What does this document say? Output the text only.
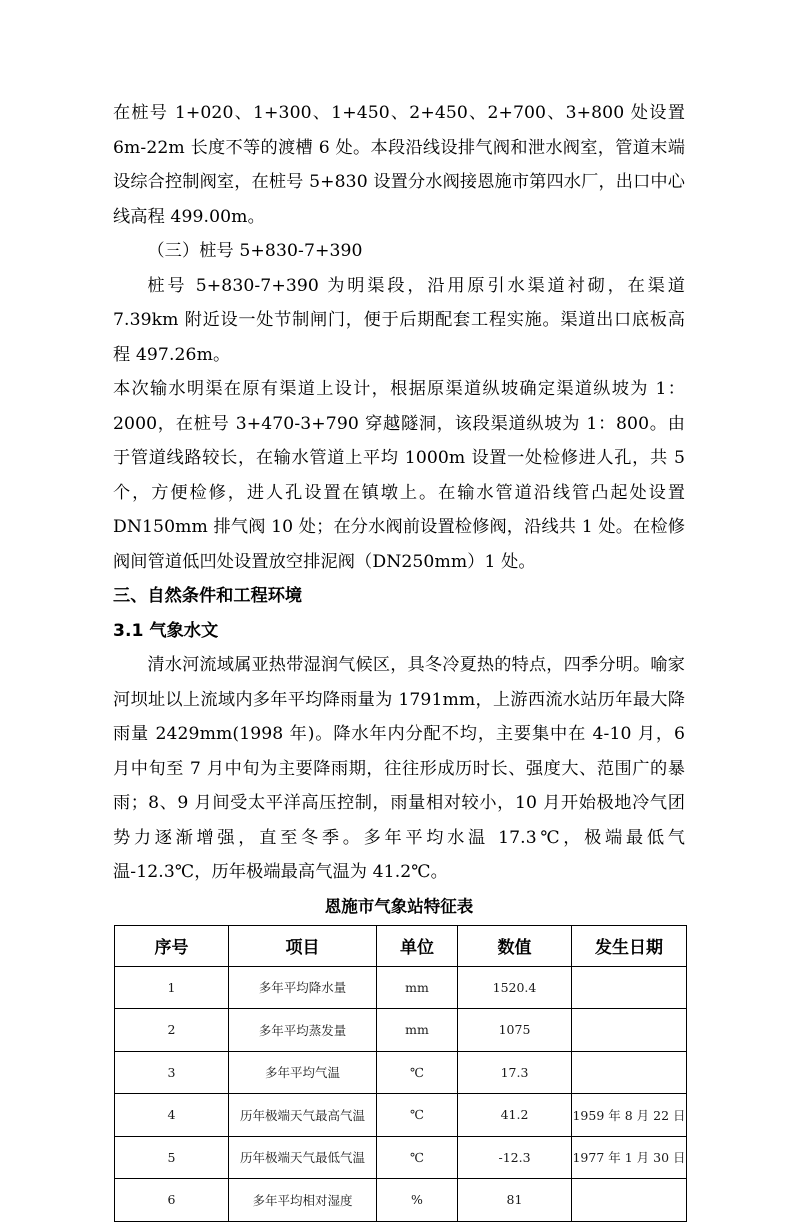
在桩号 1+020、1+300、1+450、2+450、2+700、3+800 处设置 6m-22m 长度不等的渡槽 6 处。本段沿线设排气阀和泄水阀室，管道末端设综合控制阀室，在桩号 5+830 设置分水阀接恩施市第四水厂，出口中心线高程 499.00m。

（三）桩号 5+830-7+390

桩号 5+830-7+390 为明渠段，沿用原引水渠道衬砌，在渠道 7.39km 附近设一处节制闸门，便于后期配套工程实施。渠道出口底板高程 497.26m。

本次输水明渠在原有渠道上设计，根据原渠道纵坡确定渠道纵坡为 1：2000，在桩号 3+470-3+790 穿越隧洞，该段渠道纵坡为 1：800。由于管道线路较长，在输水管道上平均 1000m 设置一处检修进人孔，共 5 个，方便检修，进人孔设置在镇墩上。在输水管道沿线管凸起处设置 DN150mm 排气阀 10 处；在分水阀前设置检修阀，沿线共 1 处。在检修阀间管道低凹处设置放空排泥阀（DN250mm）1 处。

三、自然条件和工程环境
3.1 气象水文

清水河流域属亚热带湿润气候区，具冬冷夏热的特点，四季分明。喻家河坝址以上流域内多年平均降雨量为 1791mm，上游西流水站历年最大降雨量 2429mm(1998 年)。降水年内分配不均，主要集中在 4-10 月，6 月中旬至 7 月中旬为主要降雨期，往往形成历时长、强度大、范围广的暴雨；8、9 月间受太平洋高压控制，雨量相对较小，10 月开始极地冷气团势力逐渐增强，直至冬季。多年平均水温 17.3℃，极端最低气温-12.3℃，历年极端最高气温为 41.2℃。

恩施市气象站特征表
序号	项目	单位	数值	发生日期
1	多年平均降水量	mm	1520.4	
2	多年平均蒸发量	mm	1075	
3	多年平均气温	℃	17.3	
4	历年极端天气最高气温	℃	41.2	1959 年 8 月 22 日
5	历年极端天气最低气温	℃	-12.3	1977 年 1 月 30 日
6	多年平均相对湿度	%	81	
